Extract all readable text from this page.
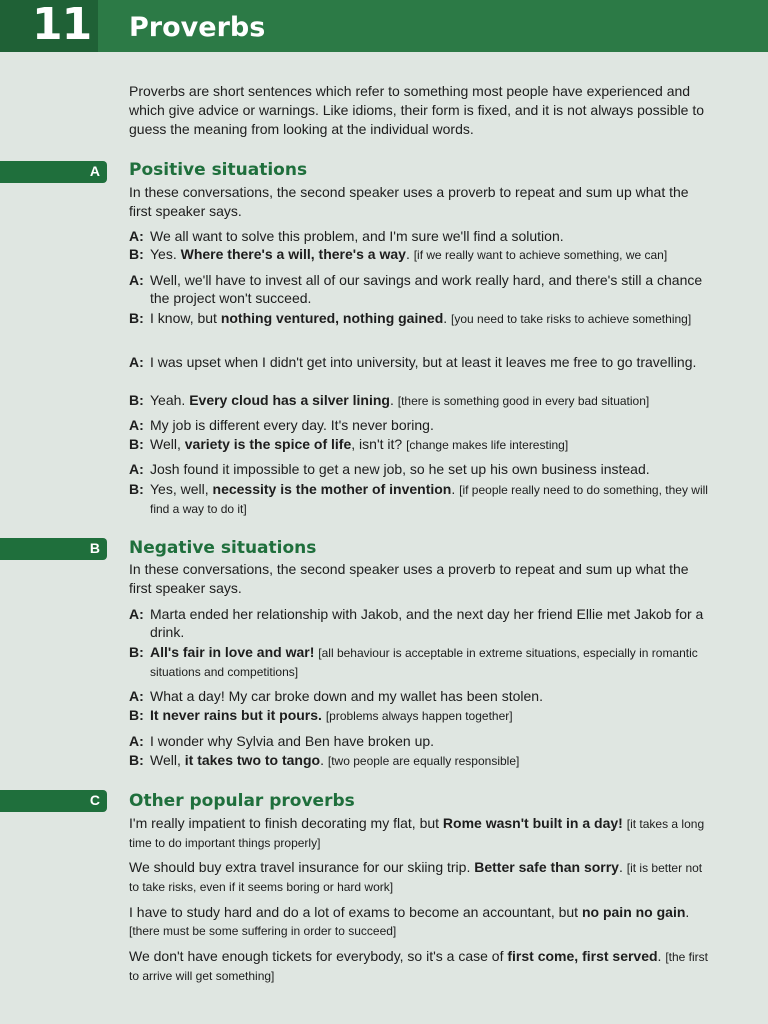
11 Proverbs
Proverbs are short sentences which refer to something most people have experienced and which give advice or warnings. Like idioms, their form is fixed, and it is not always possible to guess the meaning from looking at the individual words.
A Positive situations
In these conversations, the second speaker uses a proverb to repeat and sum up what the first speaker says.
A: We all want to solve this problem, and I'm sure we'll find a solution.
B: Yes. Where there's a will, there's a way. [if we really want to achieve something, we can]
A: Well, we'll have to invest all of our savings and work really hard, and there's still a chance the project won't succeed.
B: I know, but nothing ventured, nothing gained. [you need to take risks to achieve something]
A: I was upset when I didn't get into university, but at least it leaves me free to go travelling.
B: Yeah. Every cloud has a silver lining. [there is something good in every bad situation]
A: My job is different every day. It's never boring.
B: Well, variety is the spice of life, isn't it? [change makes life interesting]
A: Josh found it impossible to get a new job, so he set up his own business instead.
B: Yes, well, necessity is the mother of invention. [if people really need to do something, they will find a way to do it]
B Negative situations
In these conversations, the second speaker uses a proverb to repeat and sum up what the first speaker says.
A: Marta ended her relationship with Jakob, and the next day her friend Ellie met Jakob for a drink.
B: All's fair in love and war! [all behaviour is acceptable in extreme situations, especially in romantic situations and competitions]
A: What a day! My car broke down and my wallet has been stolen.
B: It never rains but it pours. [problems always happen together]
A: I wonder why Sylvia and Ben have broken up.
B: Well, it takes two to tango. [two people are equally responsible]
C Other popular proverbs
I'm really impatient to finish decorating my flat, but Rome wasn't built in a day! [it takes a long time to do important things properly]
We should buy extra travel insurance for our skiing trip. Better safe than sorry. [it is better not to take risks, even if it seems boring or hard work]
I have to study hard and do a lot of exams to become an accountant, but no pain no gain. [there must be some suffering in order to succeed]
We don't have enough tickets for everybody, so it's a case of first come, first served. [the first to arrive will get something]
